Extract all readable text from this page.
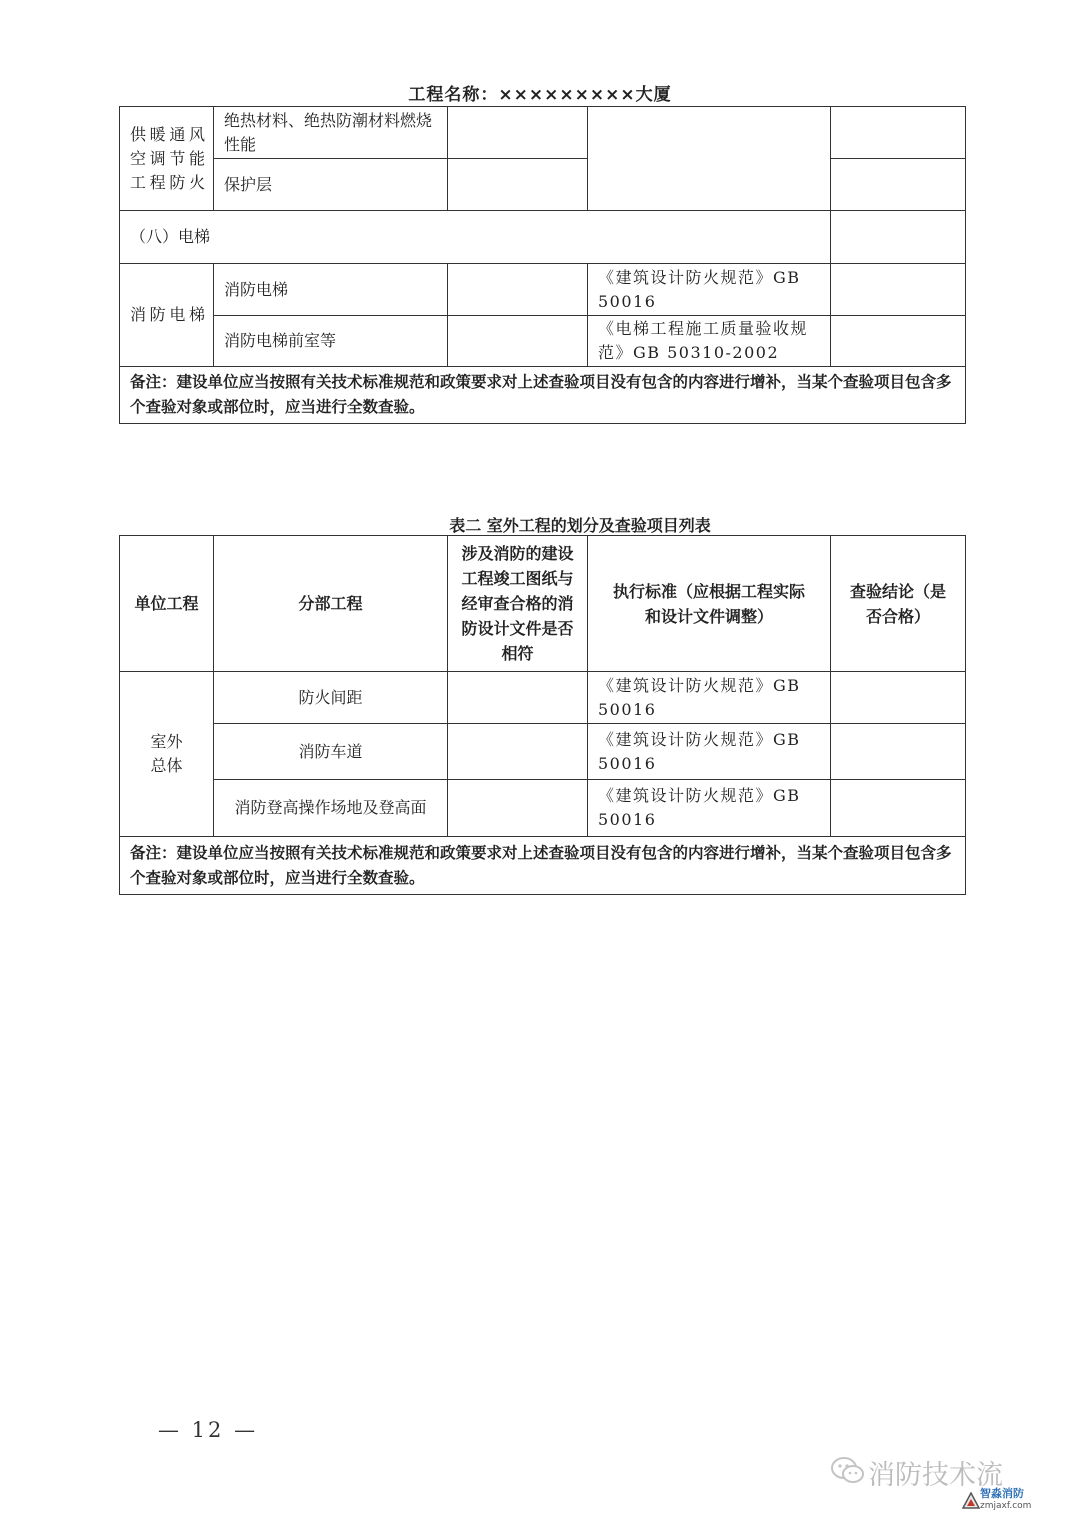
工程名称：×××××××××大厦
供暖通风空调节能工程防火	绝热材料、绝热防潮材料燃烧性能			
	保护层			
（八）电梯				
消防电梯	消防电梯		《建筑设计防火规范》GB 50016	
	消防电梯前室等		《电梯工程施工质量验收规范》GB 50310-2002	
备注：建设单位应当按照有关技术标准规范和政策要求对上述查验项目没有包含的内容进行增补，当某个查验项目包含多个查验对象或部位时，应当进行全数查验。				
表二 室外工程的划分及查验项目列表
单位工程	分部工程	涉及消防的建设工程竣工图纸与经审查合格的消防设计文件是否相符	执行标准（应根据工程实际和设计文件调整）	查验结论（是否合格）
室外总体	防火间距		《建筑设计防火规范》GB 50016	
	消防车道		《建筑设计防火规范》GB 50016	
	消防登高操作场地及登高面		《建筑设计防火规范》GB 50016	
备注：建设单位应当按照有关技术标准规范和政策要求对上述查验项目没有包含的内容进行增补，当某个查验项目包含多个查验对象或部位时，应当进行全数查验。				
— 12 —
消防技术流
智淼消防
zmjaxf.com
